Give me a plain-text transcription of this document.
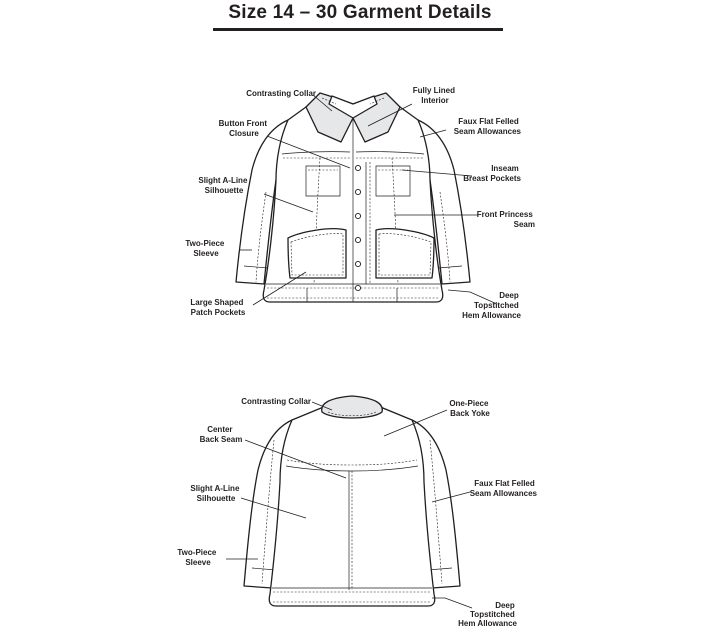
Size 14 – 30 Garment Details
Contrasting Collar	Fully Lined Interior
Button Front Closure
Faux Flat Felled Seam Allowances
Inseam Breast Pockets
Slight A-Line Silhouette
Front Princess Seam
Two-Piece Sleeve
Deep Topstitched Hem Allowance
Large Shaped Patch Pockets
Contrasting Collar	One-Piece Back Yoke
Center Back Seam
Slight A-Line Silhouette
Faux Flat Felled Seam Allowances
Two-Piece Sleeve
Deep Topstitched Hem Allowance
